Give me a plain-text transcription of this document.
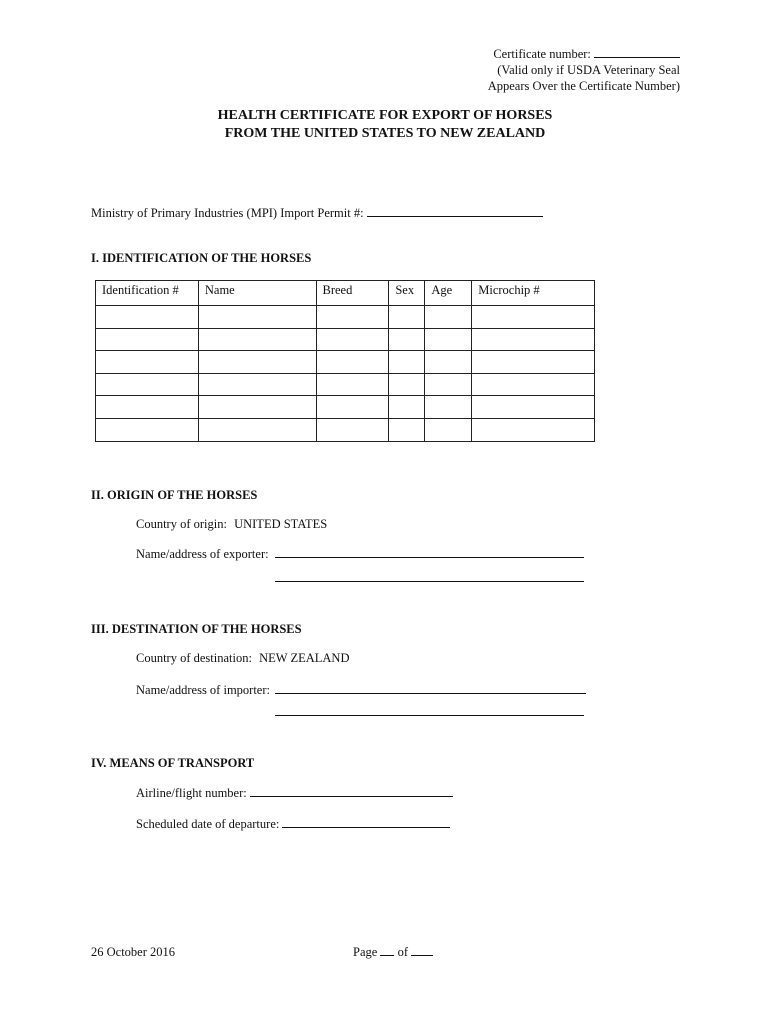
Certificate number:
(Valid only if USDA Veterinary Seal
Appears Over the Certificate Number)
HEALTH CERTIFICATE FOR EXPORT OF HORSES
FROM THE UNITED STATES TO NEW ZEALAND
Ministry of Primary Industries (MPI) Import Permit #:
I. IDENTIFICATION OF THE HORSES
Identification #	Name	Breed	Sex	Age	Microchip #

II. ORIGIN OF THE HORSES
Country of origin: UNITED STATES
Name/address of exporter:
III. DESTINATION OF THE HORSES
Country of destination: NEW ZEALAND
Name/address of importer:
IV. MEANS OF TRANSPORT
Airline/flight number:
Scheduled date of departure:
26 October 2016	Page of
